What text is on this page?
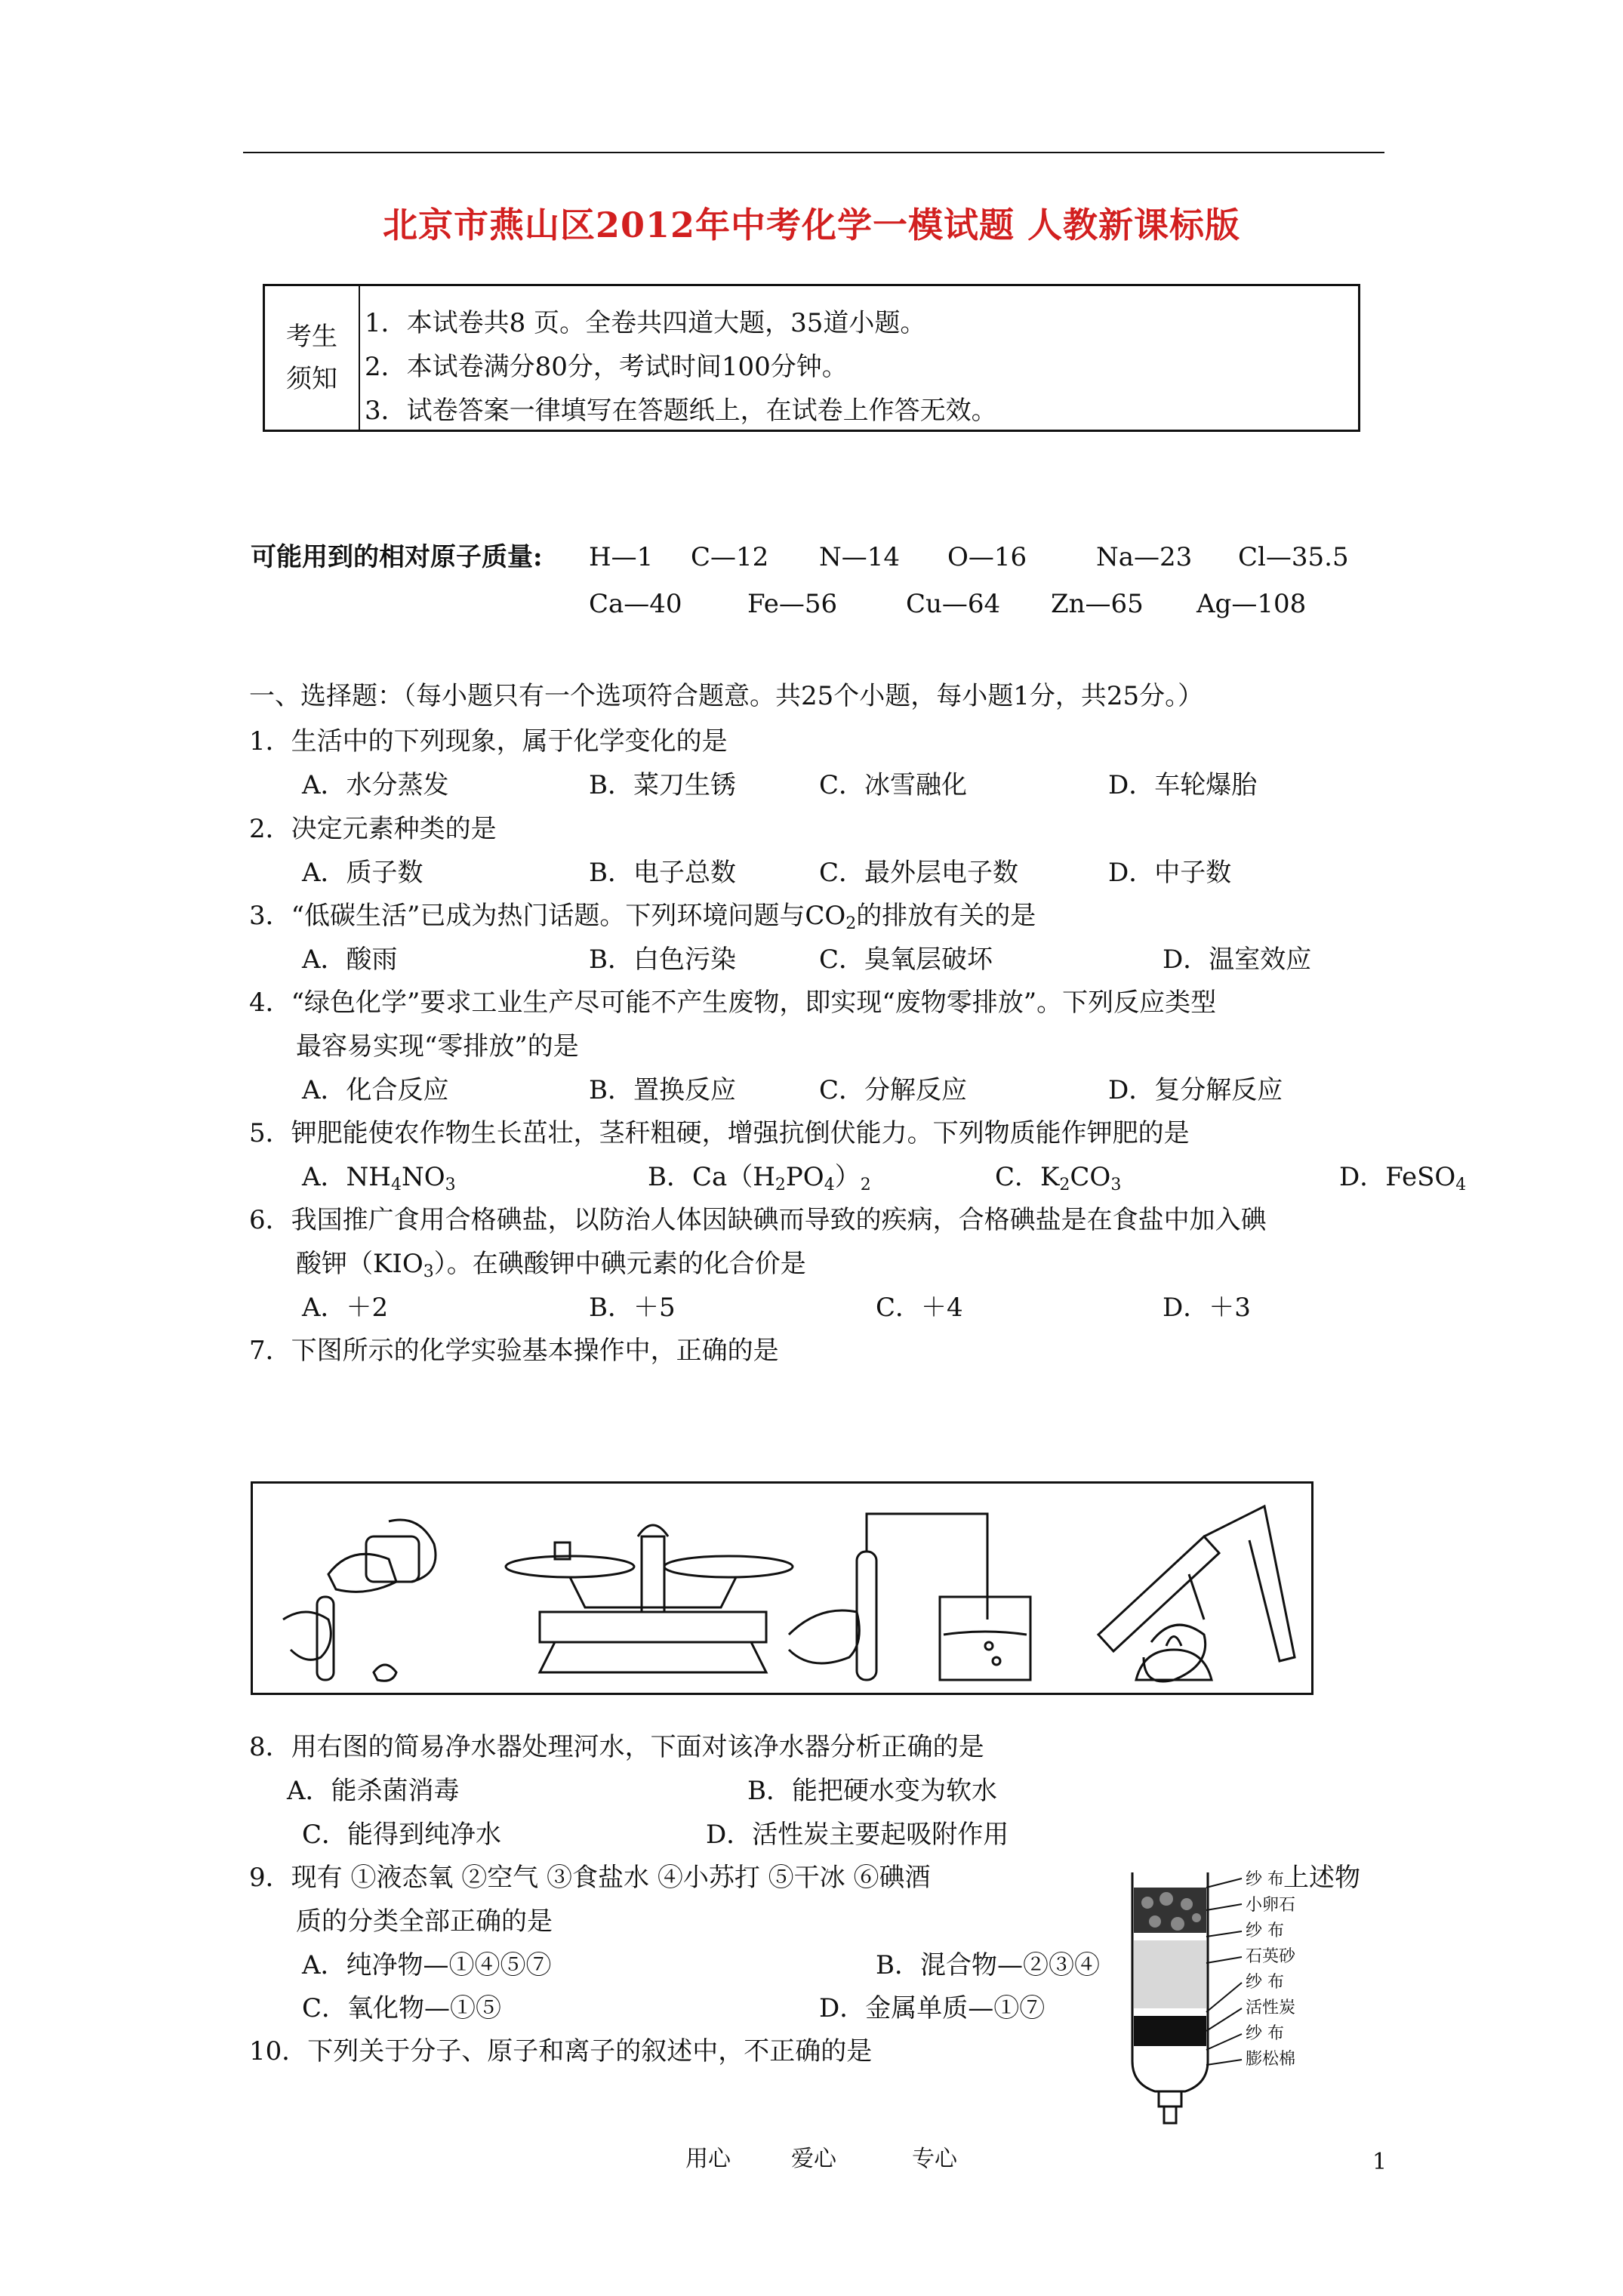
北京市燕山区2012年中考化学一模试题 人教新课标版
考生
须知
1．本试卷共8 页。全卷共四道大题，35道小题。
2．本试卷满分80分，考试时间100分钟。
3．试卷答案一律填写在答题纸上，在试卷上作答无效。
可能用到的相对原子质量: H—1 C—12 N—14 O—16	Na—23 Cl—35.5
Ca—40	Fe—56	Cu—64 Zn—65 Ag—108
一、选择题：（每小题只有一个选项符合题意。共25个小题，每小题1分，共25分。）
1．生活中的下列现象，属于化学变化的是
A．水分蒸发	B．菜刀生锈	C．冰雪融化	D．车轮爆胎
2．决定元素种类的是
A．质子数	B．电子总数	C．最外层电子数	D．中子数
3．“低碳生活”已成为热门话题。下列环境问题与$CO_2$的排放有关的是
A．酸雨	B．白色污染	C．臭氧层破坏	D．温室效应
4．“绿色化学”要求工业生产尽可能不产生废物，即实现“废物零排放”。下列反应类型
最容易实现“零排放”的是
A．化合反应	B．置换反应	C．分解反应	D．复分解反应
5．钾肥能使农作物生长茁壮，茎秆粗硬，增强抗倒伏能力。下列物质能作钾肥的是
A．$NH_4NO_3$	B．$Ca(H_2PO_4)_2$	C．$K_2CO_3$	D．FeSO$_4$
6．我国推广食用合格碘盐，以防治人体因缺碘而导致的疾病，合格碘盐是在食盐中加入碘
酸钾$(KIO_3)$。在碘酸钾中碘元素的化合价是
A．＋2	B．＋5	C．＋4	D．＋3
7．下图所示的化学实验基本操作中，正确的是
8．用右图的简易净水器处理河水，下面对该净水器分析正确的是
A．能杀菌消毒	B．能把硬水变为软水
C．能得到纯净水	D．活性炭主要起吸附作用
9．现有 ①液态氧 ②空气 ③食盐水 ④小苏打 ⑤干冰 ⑥碘酒	上述物
质的分类全部正确的是
A．纯净物—①④⑤⑦	B．混合物—②③④
C．氧化物—①⑤	D．金属单质—①⑦
10．下列关于分子、原子和离子的叙述中，不正确的是
纱 布
小卵石
纱 布
石英砂
纱 布
活性炭
纱 布
膨松棉
用心	爱心	专心	1
